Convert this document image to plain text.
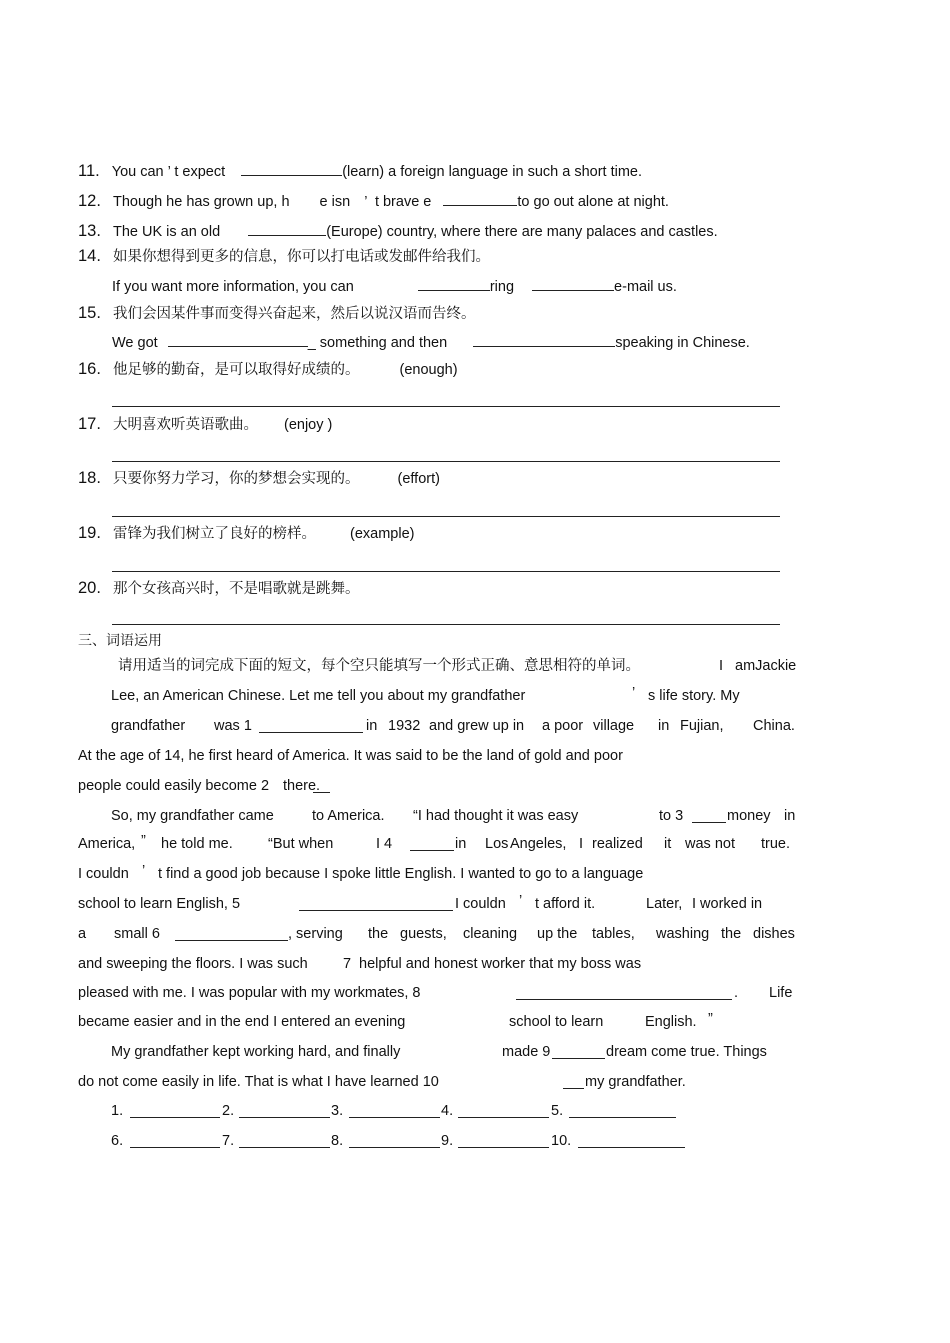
11. You can ’ t expect	(learn) a foreign language in such a short time.
12. Though he has grown up, h e isn ’ t brave e	to go out alone at night.
13. The UK is an old	(Europe) country, where there are many palaces and castles.
14. 如果你想得到更多的信息，你可以打电话或发邮件给我们。
If you want more information, you can	ring	e-mail us.
15. 我们会因某件事而变得兴奋起来，然后以说汉语而告终。
We got	_ something and then	speaking in Chinese.
16. 他足够的勤奋，是可以取得好成绩的。	(enough)
17. 大明喜欢听英语歌曲。 (enjoy )
18. 只要你努力学习，你的梦想会实现的。	(effort)
19. 雷锋为我们树立了良好的榜样。 (example)
20. 那个女孩高兴时，不是唱歌就是跳舞。
三、词语运用
请用适当的词完成下面的短文，每个空只能填写一个形式正确、意思相符的单词。	I amJackie
Lee, an American Chinese. Let me tell you about my grandfather	’ s life story. My
grandfather was 1	in 1932 and grew up in a poor village in Fujian, China.
At the age of 14, he first heard of America. It was said to be the land of gold and poor
people could easily become 2 there.
So, my grandfather came	to America. “I had thought it was easy	to 3	money in
America, ” he told me. “But when	I 4	in Los Angeles, I realized it was not true.
I couldn ’ t find a good job because I spoke little English. I wanted to go to a language
school to learn English, 5	I couldn ’ t afford it.	Later, I worked in
a small 6	, serving the guests, cleaning up the tables, washing the dishes
and sweeping the floors. I was such 7 helpful and honest worker that my boss was
pleased with me. I was popular with my workmates, 8	. Life
became easier and in the end I entered an evening	school to learn	English. ”
My grandfather kept working hard, and finally	made 9	dream come true. Things
do not come easily in life. That is what I have learned 10	my grandfather.
1.	2.	3.	4.	5.
6.	7.	8.	9.	10.
